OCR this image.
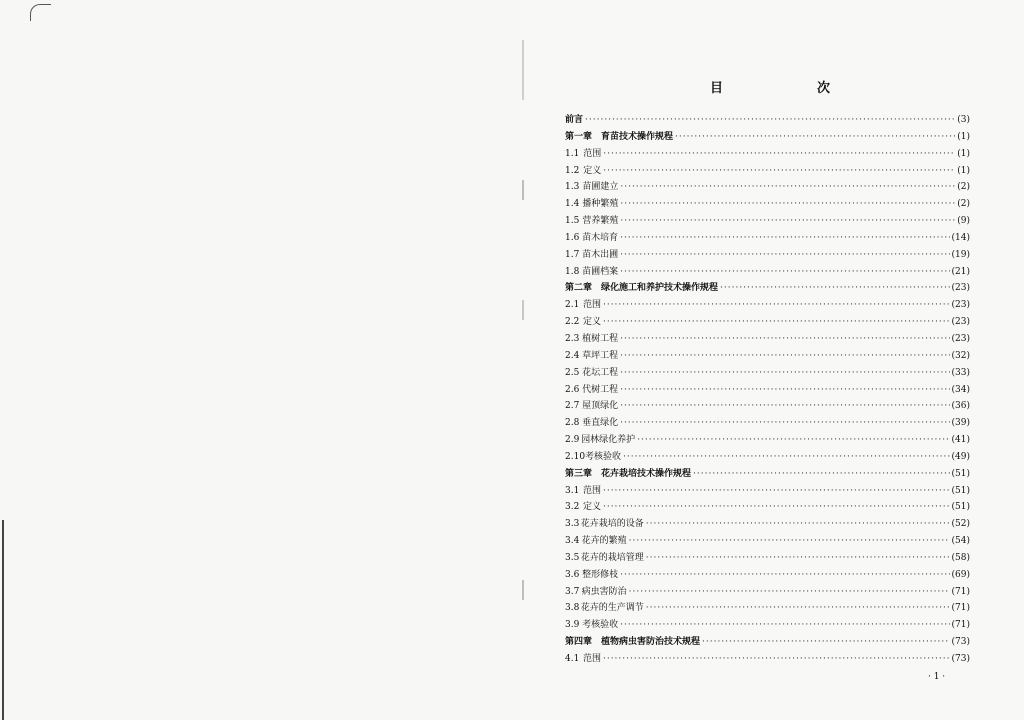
目	次
前言 ·····	(3)
第一章　育苗技术操作规程 ·····	(1)
1.1 范围 ·····	(1)
1.2 定义 ·····	(1)
1.3 苗圃建立 ·····	(2)
1.4 播种繁殖 ·····	(2)
1.5 营养繁殖 ·····	(9)
1.6 苗木培育 ·····	(14)
1.7 苗木出圃 ·····	(19)
1.8 苗圃档案 ·····	(21)
第二章　绿化施工和养护技术操作规程 ·····	(23)
2.1 范围 ·····	(23)
2.2 定义 ·····	(23)
2.3 植树工程 ·····	(23)
2.4 草坪工程 ·····	(32)
2.5 花坛工程 ·····	(33)
2.6 代树工程 ·····	(34)
2.7 屋顶绿化 ·····	(36)
2.8 垂直绿化 ·····	(39)
2.9 园林绿化养护 ·····	(41)
2.10 考核验收 ·····	(49)
第三章　花卉栽培技术操作规程 ·····	(51)
3.1 范围 ·····	(51)
3.2 定义 ·····	(51)
3.3 花卉栽培的设备 ·····	(52)
3.4 花卉的繁殖 ·····	(54)
3.5 花卉的栽培管理 ·····	(58)
3.6 整形修枝 ·····	(69)
3.7 病虫害防治 ·····	(71)
3.8 花卉的生产调节 ·····	(71)
3.9 考核验收 ·····	(71)
第四章　植物病虫害防治技术规程 ·····	(73)
4.1 范围 ·····	(73)
· 1 ·
